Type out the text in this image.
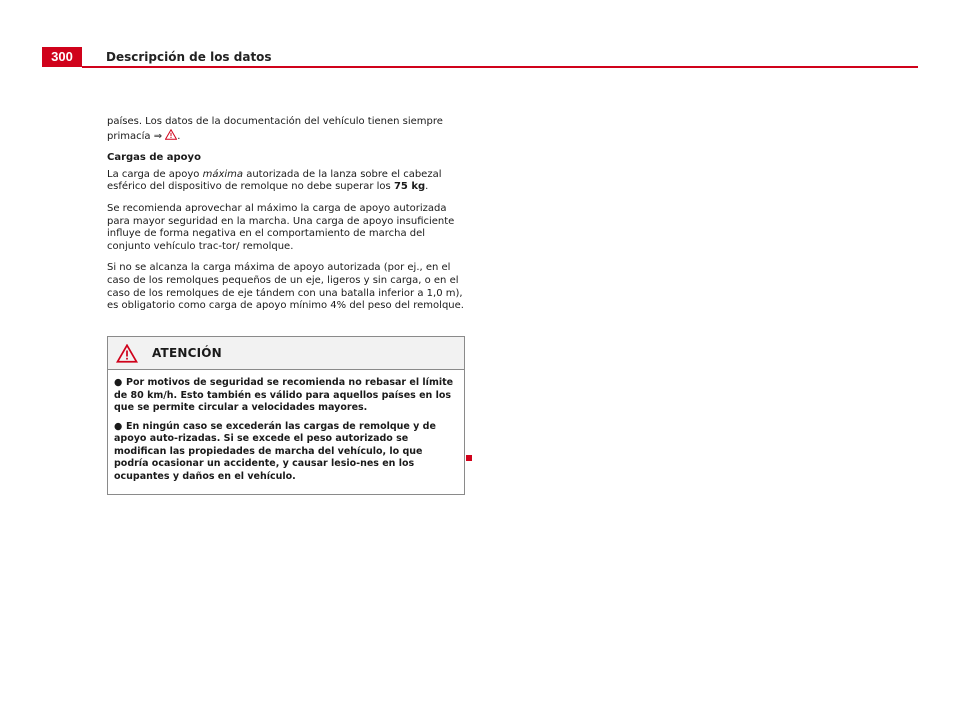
300	Descripción de los datos

países. Los datos de la documentación del vehículo tienen siempre primacía ⇒ .

Cargas de apoyo

La carga de apoyo máxima autorizada de la lanza sobre el cabezal esférico del dispositivo de remolque no debe superar los 75 kg.

Se recomienda aprovechar al máximo la carga de apoyo autorizada para mayor seguridad en la marcha. Una carga de apoyo insuficiente influye de forma negativa en el comportamiento de marcha del conjunto vehículo trac-tor/ remolque.

Si no se alcanza la carga máxima de apoyo autorizada (por ej., en el caso de los remolques pequeños de un eje, ligeros y sin carga, o en el caso de los remolques de eje tándem con una batalla inferior a 1,0 m), es obligatorio como carga de apoyo mínimo 4% del peso del remolque.

ATENCIÓN
● Por motivos de seguridad se recomienda no rebasar el límite de 80 km/h. Esto también es válido para aquellos países en los que se permite circular a velocidades mayores.
● En ningún caso se excederán las cargas de remolque y de apoyo auto-rizadas. Si se excede el peso autorizado se modifican las propiedades de marcha del vehículo, lo que podría ocasionar un accidente, y causar lesio-nes en los ocupantes y daños en el vehículo.
